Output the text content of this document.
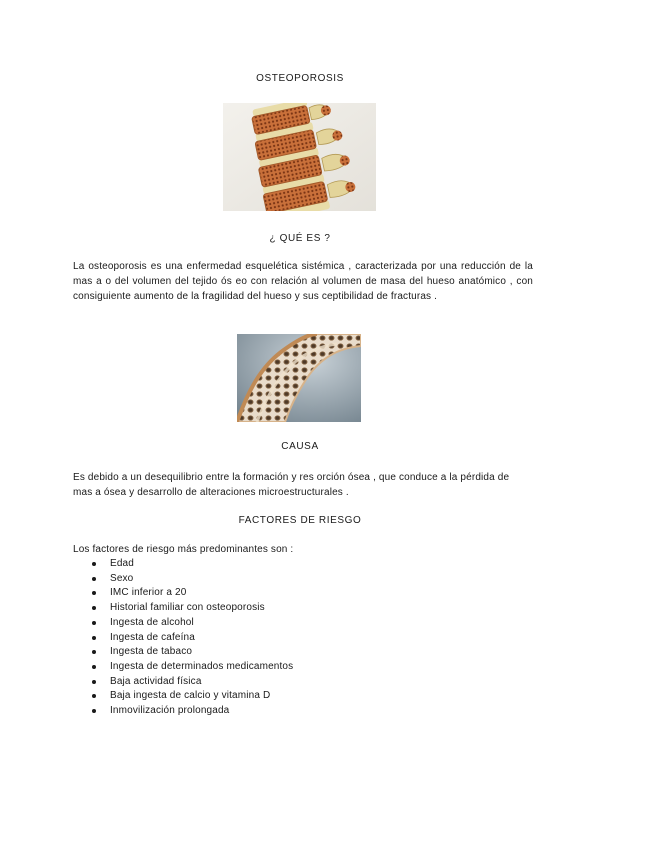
OSTEOPOROSIS
¿ QUÉ ES ?
La osteoporosis es una enfermedad esquelética sistémica , caracterizada por una reducción de la mas a o del volumen del tejido ós eo con relación al volumen de masa del hueso anatómico , con consiguiente aumento de la fragilidad del hueso y sus ceptibilidad de fracturas .
CAUSA
Es debido a un desequilibrio entre la formación y res orción ósea , que conduce a la pérdida de mas a ósea y desarrollo de alteraciones microestructurales .
FACTORES DE RIESGO
Los factores de riesgo más predominantes son :
Edad
Sexo
IMC inferior a 20
Historial familiar con osteoporosis
Ingesta de alcohol
Ingesta de cafeína
Ingesta de tabaco
Ingesta de determinados medicamentos
Baja actividad física
Baja ingesta de calcio y vitamina D
Inmovilización prolongada
